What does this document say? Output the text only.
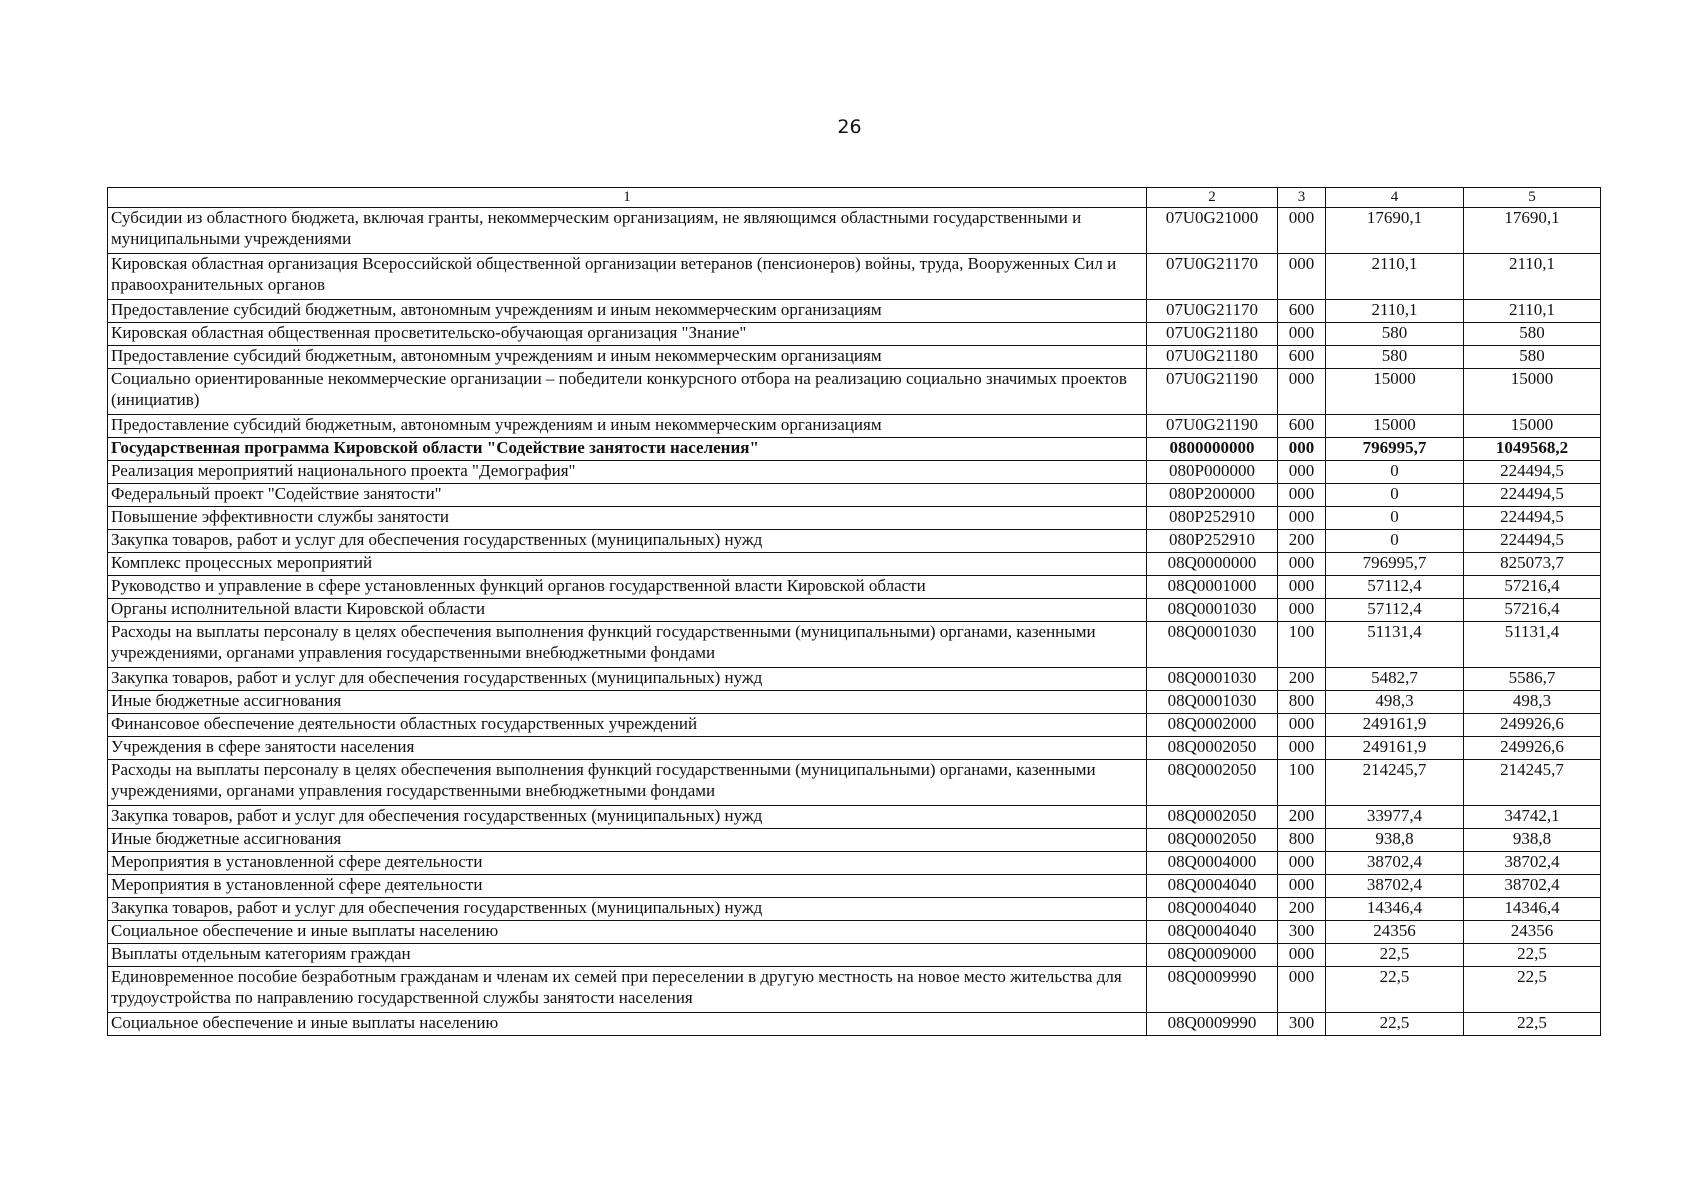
26
1	2	3	4	5
Субсидии из областного бюджета, включая гранты, некоммерческим организациям, не являющимся областными государственными и муниципальными учреждениями	07U0G21000	000	17690,1	17690,1
Кировская областная организация Всероссийской общественной организации ветеранов (пенсионеров) войны, труда, Вооруженных Сил и правоохранительных органов	07U0G21170	000	2110,1	2110,1
Предоставление субсидий бюджетным, автономным учреждениям и иным некоммерческим организациям	07U0G21170	600	2110,1	2110,1
Кировская областная общественная просветительско-обучающая организация "Знание"	07U0G21180	000	580	580
Предоставление субсидий бюджетным, автономным учреждениям и иным некоммерческим организациям	07U0G21180	600	580	580
Социально ориентированные некоммерческие организации – победители конкурсного отбора на реализацию социально значимых проектов (инициатив)	07U0G21190	000	15000	15000
Предоставление субсидий бюджетным, автономным учреждениям и иным некоммерческим организациям	07U0G21190	600	15000	15000
Государственная программа Кировской области "Содействие занятости населения"	0800000000	000	796995,7	1049568,2
Реализация мероприятий национального проекта "Демография"	080P000000	000	0	224494,5
Федеральный проект "Содействие занятости"	080P200000	000	0	224494,5
Повышение эффективности службы занятости	080P252910	000	0	224494,5
Закупка товаров, работ и услуг для обеспечения государственных (муниципальных) нужд	080P252910	200	0	224494,5
Комплекс процессных мероприятий	08Q0000000	000	796995,7	825073,7
Руководство и управление в сфере установленных функций органов государственной власти Кировской области	08Q0001000	000	57112,4	57216,4
Органы исполнительной власти Кировской области	08Q0001030	000	57112,4	57216,4
Расходы на выплаты персоналу в целях обеспечения выполнения функций государственными (муниципальными) органами, казенными учреждениями, органами управления государственными внебюджетными фондами	08Q0001030	100	51131,4	51131,4
Закупка товаров, работ и услуг для обеспечения государственных (муниципальных) нужд	08Q0001030	200	5482,7	5586,7
Иные бюджетные ассигнования	08Q0001030	800	498,3	498,3
Финансовое обеспечение деятельности областных государственных учреждений	08Q0002000	000	249161,9	249926,6
Учреждения в сфере занятости населения	08Q0002050	000	249161,9	249926,6
Расходы на выплаты персоналу в целях обеспечения выполнения функций государственными (муниципальными) органами, казенными учреждениями, органами управления государственными внебюджетными фондами	08Q0002050	100	214245,7	214245,7
Закупка товаров, работ и услуг для обеспечения государственных (муниципальных) нужд	08Q0002050	200	33977,4	34742,1
Иные бюджетные ассигнования	08Q0002050	800	938,8	938,8
Мероприятия в установленной сфере деятельности	08Q0004000	000	38702,4	38702,4
Мероприятия в установленной сфере деятельности	08Q0004040	000	38702,4	38702,4
Закупка товаров, работ и услуг для обеспечения государственных (муниципальных) нужд	08Q0004040	200	14346,4	14346,4
Социальное обеспечение и иные выплаты населению	08Q0004040	300	24356	24356
Выплаты отдельным категориям граждан	08Q0009000	000	22,5	22,5
Единовременное пособие безработным гражданам и членам их семей при переселении в другую местность на новое место жительства для трудоустройства по направлению государственной службы занятости населения	08Q0009990	000	22,5	22,5
Социальное обеспечение и иные выплаты населению	08Q0009990	300	22,5	22,5
